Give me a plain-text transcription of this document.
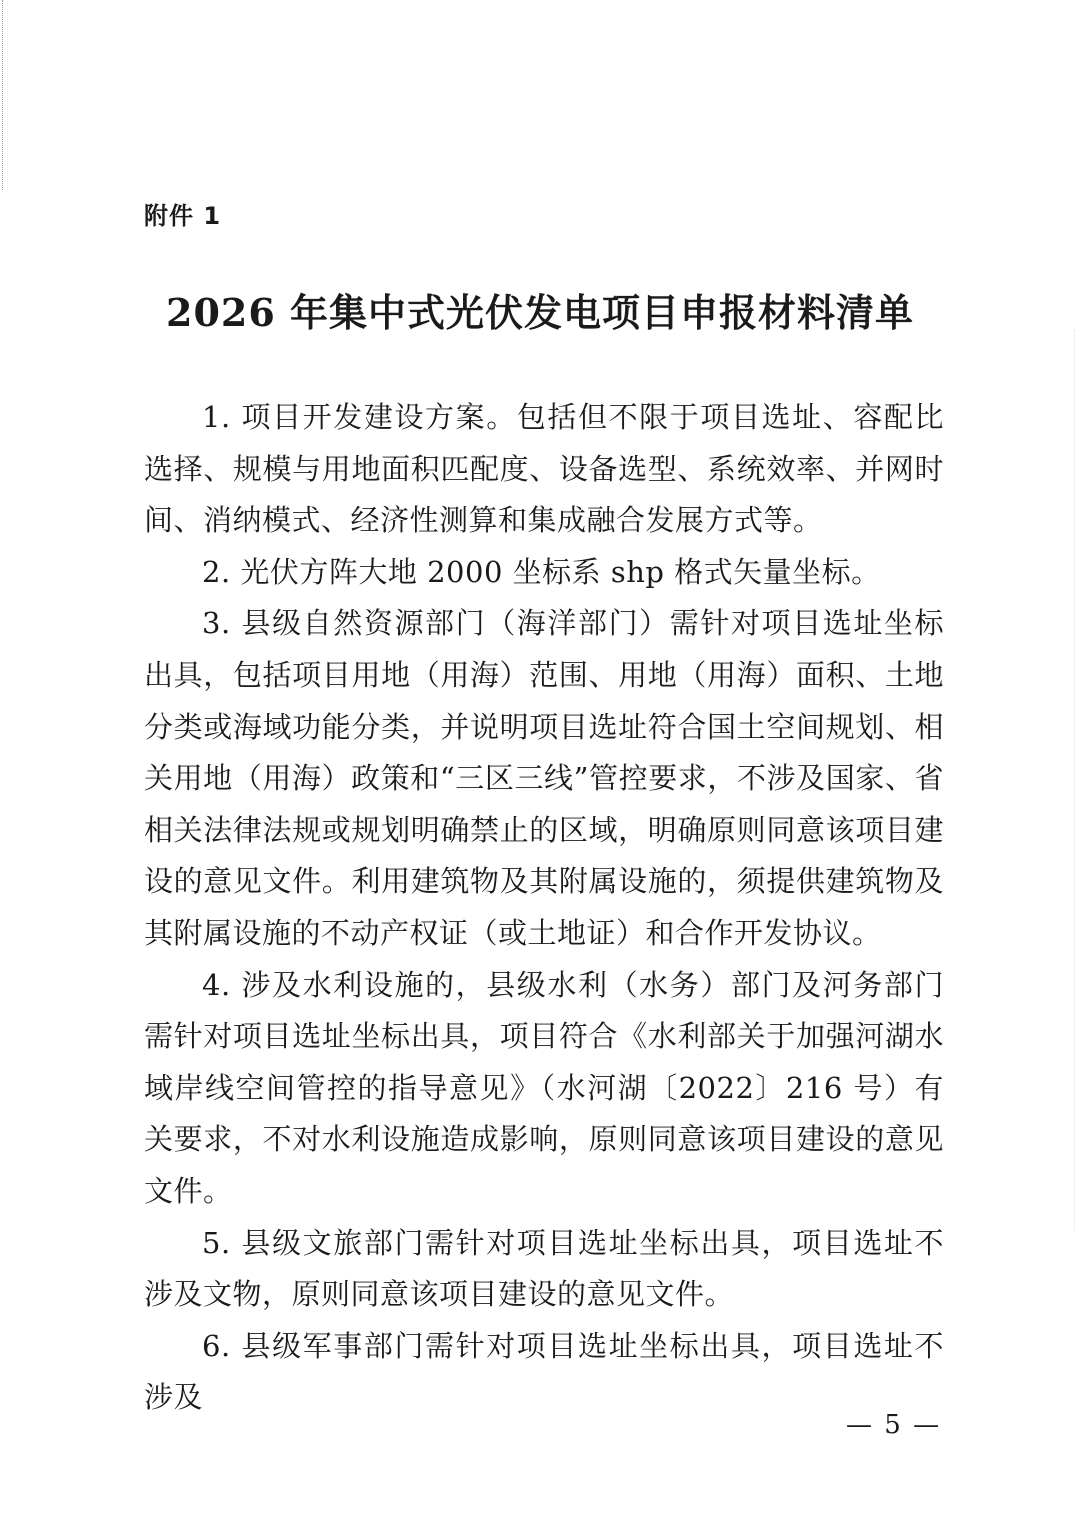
附件 1
2026 年集中式光伏发电项目申报材料清单

1. 项目开发建设方案。包括但不限于项目选址、容配比选择、规模与用地面积匹配度、设备选型、系统效率、并网时间、消纳模式、经济性测算和集成融合发展方式等。

2. 光伏方阵大地 2000 坐标系 shp 格式矢量坐标。

3. 县级自然资源部门（海洋部门）需针对项目选址坐标出具，包括项目用地（用海）范围、用地（用海）面积、土地分类或海域功能分类，并说明项目选址符合国土空间规划、相关用地（用海）政策和“三区三线”管控要求，不涉及国家、省相关法律法规或规划明确禁止的区域，明确原则同意该项目建设的意见文件。利用建筑物及其附属设施的，须提供建筑物及其附属设施的不动产权证（或土地证）和合作开发协议。

4. 涉及水利设施的，县级水利（水务）部门及河务部门需针对项目选址坐标出具，项目符合《水利部关于加强河湖水域岸线空间管控的指导意见》（水河湖〔2022〕216 号）有关要求，不对水利设施造成影响，原则同意该项目建设的意见文件。

5. 县级文旅部门需针对项目选址坐标出具，项目选址不涉及文物，原则同意该项目建设的意见文件。

6. 县级军事部门需针对项目选址坐标出具，项目选址不涉及

— 5 —
